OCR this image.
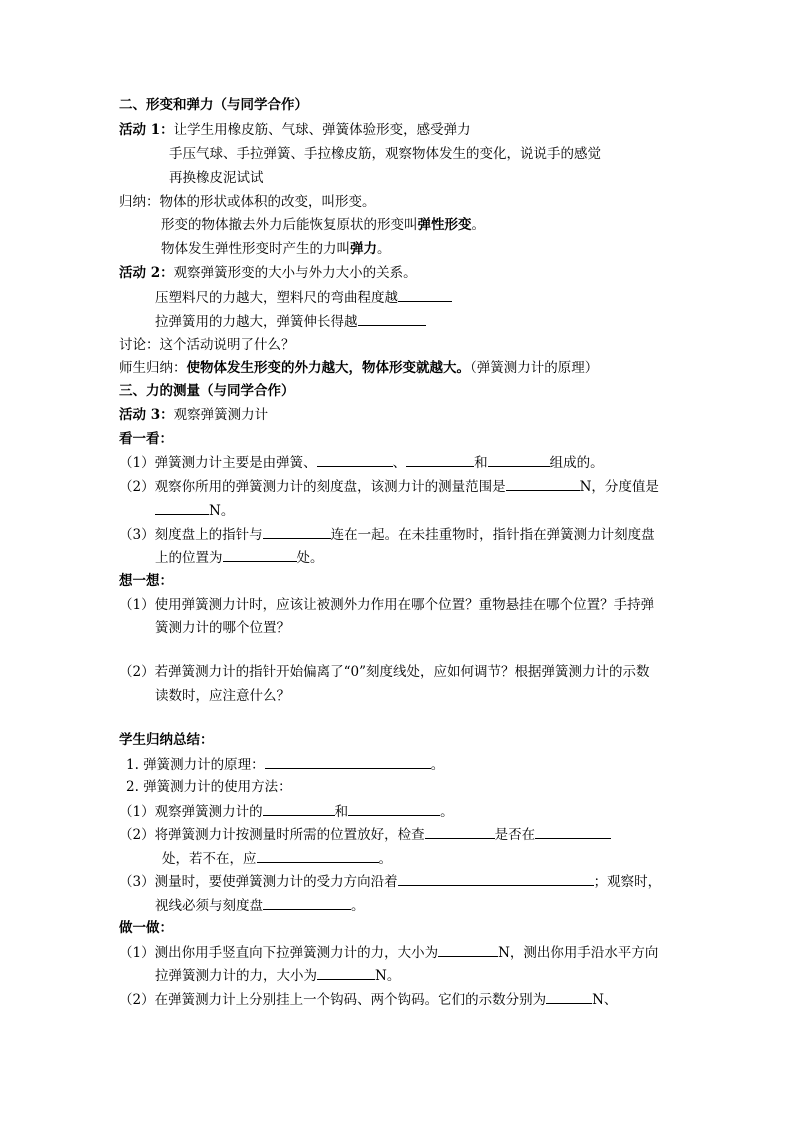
二、形变和弹力（与同学合作）
活动 1：让学生用橡皮筋、气球、弹簧体验形变，感受弹力
手压气球、手拉弹簧、手拉橡皮筋，观察物体发生的变化，说说手的感觉
再换橡皮泥试试
归纳：物体的形状或体积的改变，叫形变。
形变的物体撤去外力后能恢复原状的形变叫弹性形变。
物体发生弹性形变时产生的力叫弹力。
活动 2：观察弹簧形变的大小与外力大小的关系。
压塑料尺的力越大，塑料尺的弯曲程度越
拉弹簧用的力越大，弹簧伸长得越
讨论：这个活动说明了什么？
师生归纳：使物体发生形变的外力越大，物体形变就越大。（弹簧测力计的原理）
三、力的测量（与同学合作）
活动 3：观察弹簧测力计
看一看：
（1）弹簧测力计主要是由弹簧、	、	和	组成的。
（2）观察你所用的弹簧测力计的刻度盘，该测力计的测量范围是	N，分度值是
N。
（3）刻度盘上的指针与	连在一起。在未挂重物时，指针指在弹簧测力计刻度盘
上的位置为	处。
想一想：
（1）使用弹簧测力计时，应该让被测外力作用在哪个位置？重物悬挂在哪个位置？手持弹
簧测力计的哪个位置？
（2）若弹簧测力计的指针开始偏离了“0”刻度线处，应如何调节？根据弹簧测力计的示数
读数时，应注意什么？
学生归纳总结：
1. 弹簧测力计的原理：	。
2. 弹簧测力计的使用方法：
（1）观察弹簧测力计的	和	。
（2）将弹簧测力计按测量时所需的位置放好，检查	是否在
处，若不在，应	。
（3）测量时，要使弹簧测力计的受力方向沿着	；观察时，
视线必须与刻度盘	。
做一做：
（1）测出你用手竖直向下拉弹簧测力计的力，大小为	N，测出你用手沿水平方向
拉弹簧测力计的力，大小为	N。
（2）在弹簧测力计上分别挂上一个钩码、两个钩码。它们的示数分别为	N、
